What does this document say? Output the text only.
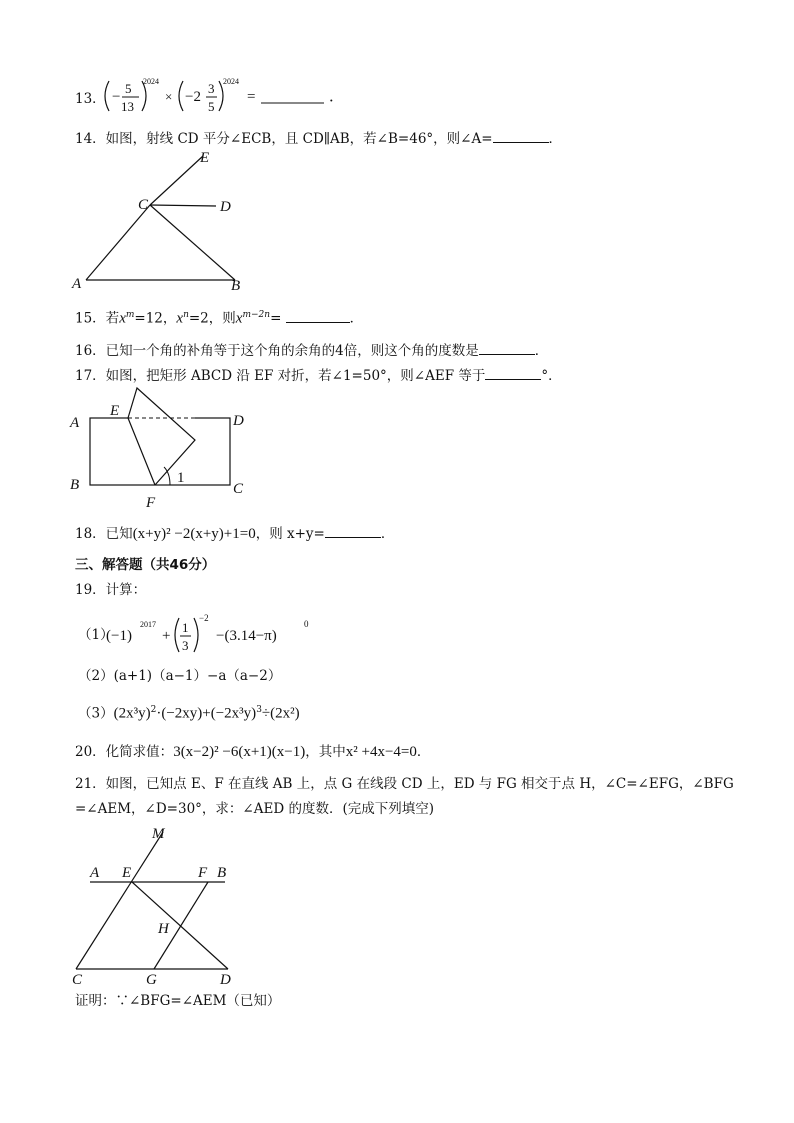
13． −
5
13
2024
× −2
3
5
2024
=	．
14．如图，射线 CD 平分∠ECB，且 CD∥AB，若∠B=46°，则∠A=	．
E
C	D
A	B
15．若$x^m=12$，$x^n=2$，则$x^{m-2n}=$	．
16．已知一个角的补角等于这个角的余角的4倍，则这个角的度数是	．
17．如图，把矩形 ABCD 沿 EF 对折，若∠1=50°，则∠AEF 等于	°．
A
E
D
B
F
C
1
18．已知(x+y)² −2(x+y)+1=0，则 x+y=	．
三、解答题（共46分）
19．计算：
（1）
(−1)
2017
+
1
3
−2
−(3.14−π)
0
（2）(a+1)（a−1）−a（a−2）
$(3)(2x^3y)^2\cdot(-2xy)+(-2x^3y)^3\div(2x^2)$
20．化简求值：3(x−2)² −6(x+1)(x−1)，其中x² +4x−4=0．
21．如图，已知点 E、F 在直线 AB 上，点 G 在线段 CD 上，ED 与 FG 相交于点 H，∠C=∠EFG，∠BFG
=∠AEM，∠D=30°，求：∠AED 的度数．(完成下列填空)
M
A E	F B
H
C	G	D
证明：∵∠BFG=∠AEM（已知）
